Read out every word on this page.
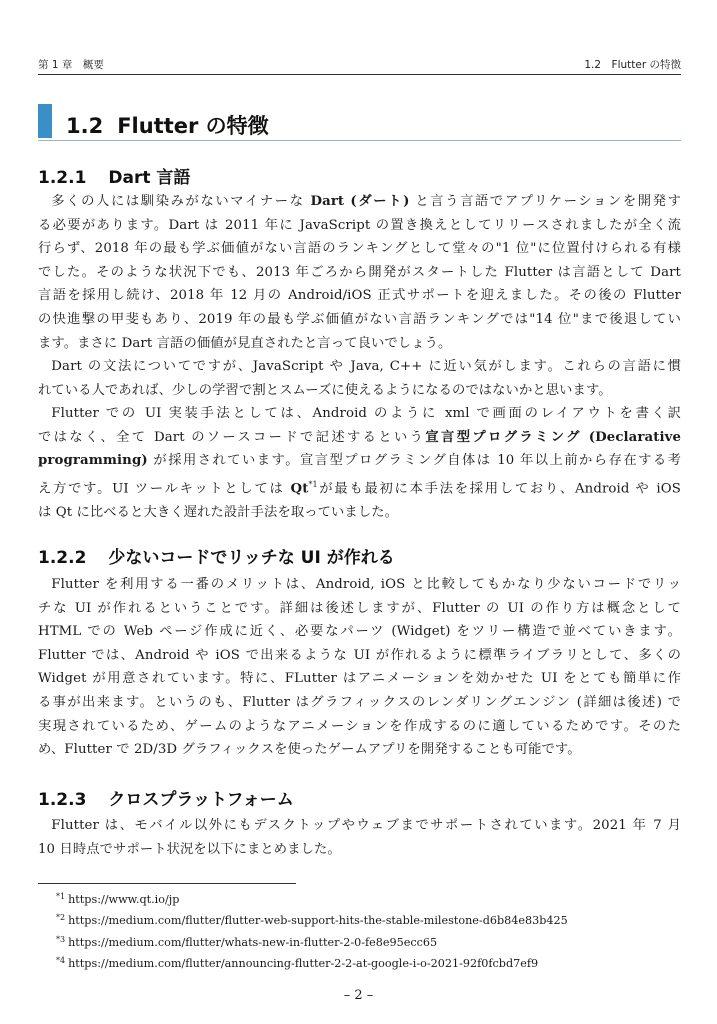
第 1 章　概要	1.2　Flutter の特徴
1.2 Flutter の特徴
1.2.1 Dart 言語
多くの人には馴染みがないマイナーな Dart (ダート) と言う言語でアプリケーションを開発す
る必要があります。Dart は 2011 年に JavaScript の置き換えとしてリリースされましたが全く流
行らず、2018 年の最も学ぶ価値がない言語のランキングとして堂々の"1 位"に位置付けられる有様
でした。そのような状況下でも、2013 年ごろから開発がスタートした Flutter は言語として Dart
言語を採用し続け、2018 年 12 月の Android/iOS 正式サポートを迎えました。その後の Flutter
の快進撃の甲斐もあり、2019 年の最も学ぶ価値がない言語ランキングでは"14 位"まで後退してい
ます。まさに Dart 言語の価値が見直されたと言って良いでしょう。
Dart の文法についてですが、JavaScript や Java, C++ に近い気がします。これらの言語に慣
れている人であれば、少しの学習で割とスムーズに使えるようになるのではないかと思います。
Flutter での UI 実装手法としては、Android のように xml で画面のレイアウトを書く訳
ではなく、全て Dart のソースコードで記述するという宣言型プログラミング (Declarative
programming) が採用されています。宣言型プログラミング自体は 10 年以上前から存在する考
え方です。UI ツールキットとしては Qt$^{*1}$が最も最初に本手法を採用しており、Android や iOS
は Qt に比べると大きく遅れた設計手法を取っていました。
1.2.2 少ないコードでリッチな UI が作れる
Flutter を利用する一番のメリットは、Android, iOS と比較してもかなり少ないコードでリッ
チな UI が作れるということです。詳細は後述しますが、Flutter の UI の作り方は概念として
HTML での Web ページ作成に近く、必要なパーツ (Widget) をツリー構造で並べていきます。
Flutter では、Android や iOS で出来るような UI が作れるように標準ライブラリとして、多くの
Widget が用意されています。特に、FLutter はアニメーションを効かせた UI をとても簡単に作
る事が出来ます。というのも、Flutter はグラフィックスのレンダリングエンジン (詳細は後述) で
実現されているため、ゲームのようなアニメーションを作成するのに適しているためです。そのた
め、Flutter で 2D/3D グラフィックスを使ったゲームアプリを開発することも可能です。
1.2.3 クロスプラットフォーム
Flutter は、モバイル以外にもデスクトップやウェブまでサポートされています。2021 年 7 月
10 日時点でサポート状況を以下にまとめました。
$^{*1}$ https://www.qt.io/jp
$^{*2}$ https://medium.com/flutter/flutter-web-support-hits-the-stable-milestone-d6b84e83b425
$^{*3}$ https://medium.com/flutter/whats-new-in-flutter-2-0-fe8e95ecc65
$^{*4}$ https://medium.com/flutter/announcing-flutter-2-2-at-google-i-o-2021-92f0fcbd7ef9
– 2 –
